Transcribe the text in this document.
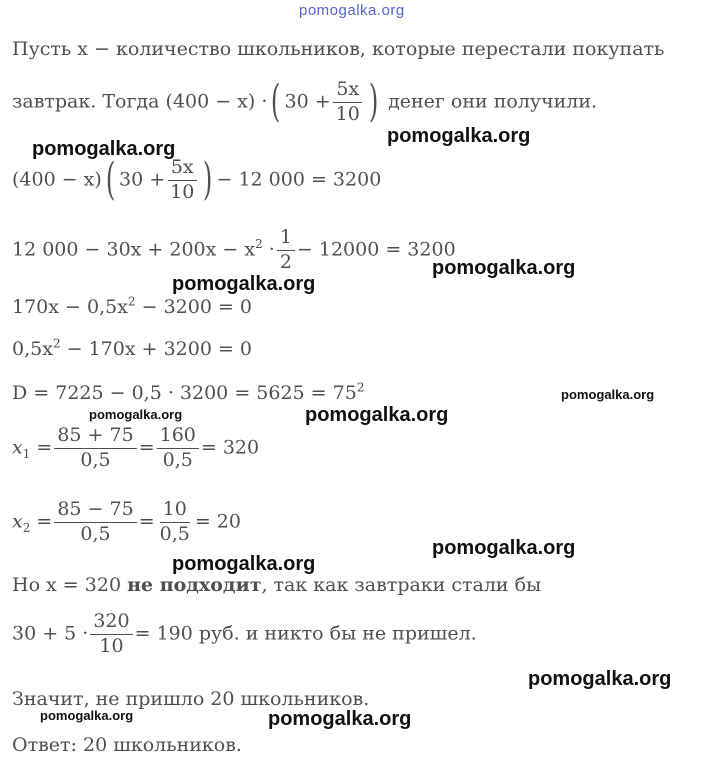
pomogalka.org
Пусть x − количество школьников, которые перестали покупать
завтрак. Тогда (400 − x) ·( $30 + \frac{5x}{10}$ ) денег они получили.
(400 − x)( $30 + \frac{5x}{10}$ ) − 12 000 = 3200
12 $000 - 30x + 200x - x^2 \cdot \frac{1}{2} - 12000 = 3200$
$170x - 0,5x^2 - 3200 = 0$
$0,5x^2 - 170x + 3200 = 0$
$D = 7225 - 0,5 \cdot 3200 = 5625 = 75^2$
$x_1 = \frac{85 + 75}{0,5} = \frac{160}{0,5} = 320$
$x_2 = \frac{85 - 75}{0,5} = \frac{10}{0,5} = 20$
Но x = 320 не подходит, так как завтраки стали бы
$30 + 5 \cdot \frac{320}{10} = 190$ руб. и никто бы не пришел.
Значит, не пришло 20 школьников.
Ответ: 20 школьников.
pomogalka.org
pomogalka.org
pomogalka.org
pomogalka.org
pomogalka.org
pomogalka.org
pomogalka.org
pomogalka.org
pomogalka.org
pomogalka.org
pomogalka.org	pomogalka.org
